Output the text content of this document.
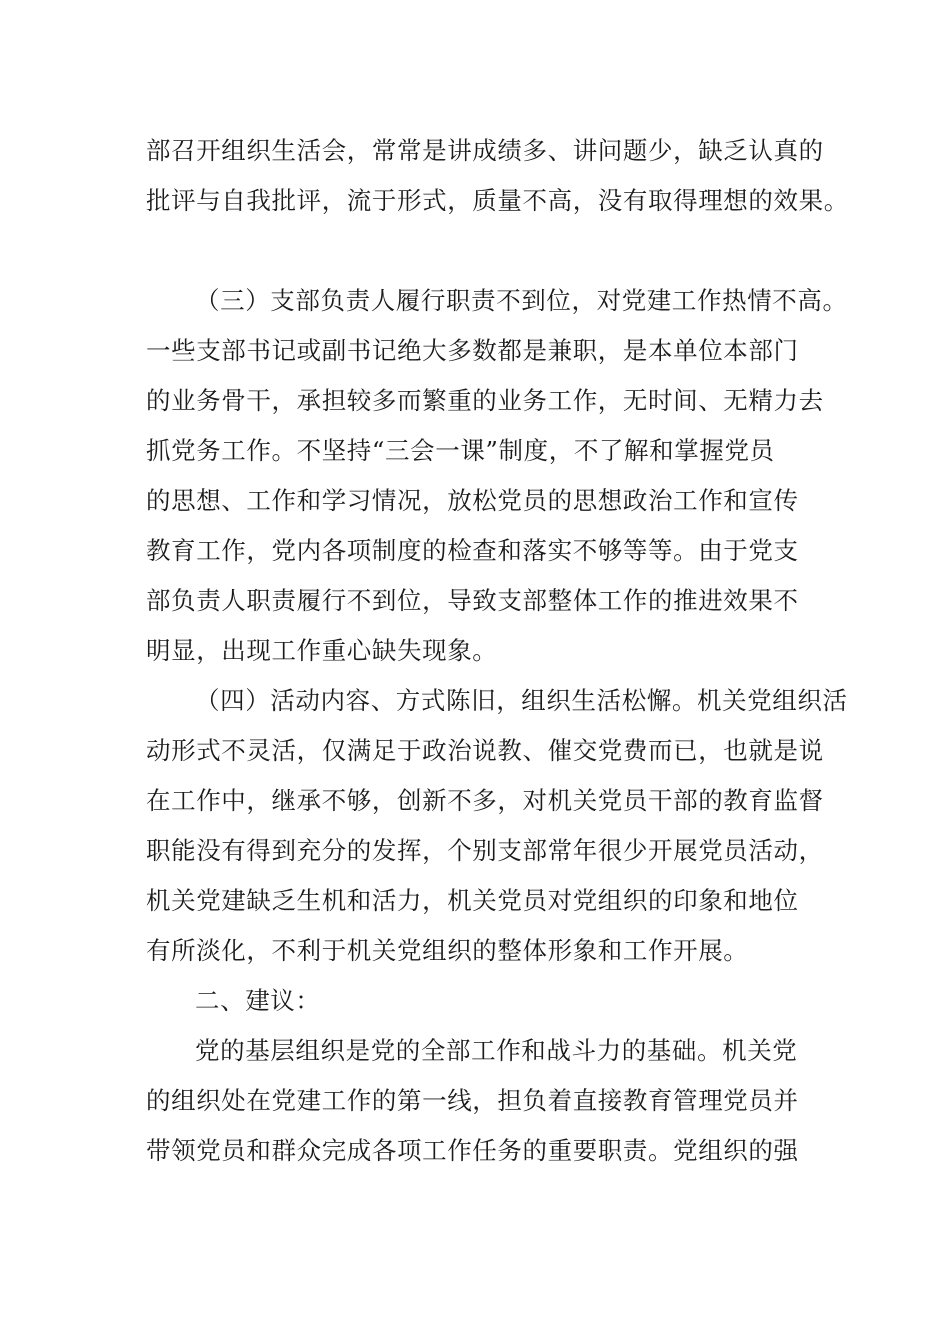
部召开组织生活会，常常是讲成绩多、讲问题少，缺乏认真的
批评与自我批评，流于形式，质量不高，没有取得理想的效果。
（三）支部负责人履行职责不到位，对党建工作热情不高。
一些支部书记或副书记绝大多数都是兼职，是本单位本部门
的业务骨干，承担较多而繁重的业务工作，无时间、无精力去
抓党务工作。不坚持“三会一课”制度，不了解和掌握党员
的思想、工作和学习情况，放松党员的思想政治工作和宣传
教育工作，党内各项制度的检查和落实不够等等。由于党支
部负责人职责履行不到位，导致支部整体工作的推进效果不
明显，出现工作重心缺失现象。
（四）活动内容、方式陈旧，组织生活松懈。机关党组织活
动形式不灵活，仅满足于政治说教、催交党费而已，也就是说
在工作中，继承不够，创新不多，对机关党员干部的教育监督
职能没有得到充分的发挥，个别支部常年很少开展党员活动，
机关党建缺乏生机和活力，机关党员对党组织的印象和地位
有所淡化，不利于机关党组织的整体形象和工作开展。
二、建议：
党的基层组织是党的全部工作和战斗力的基础。机关党
的组织处在党建工作的第一线，担负着直接教育管理党员并
带领党员和群众完成各项工作任务的重要职责。党组织的强
